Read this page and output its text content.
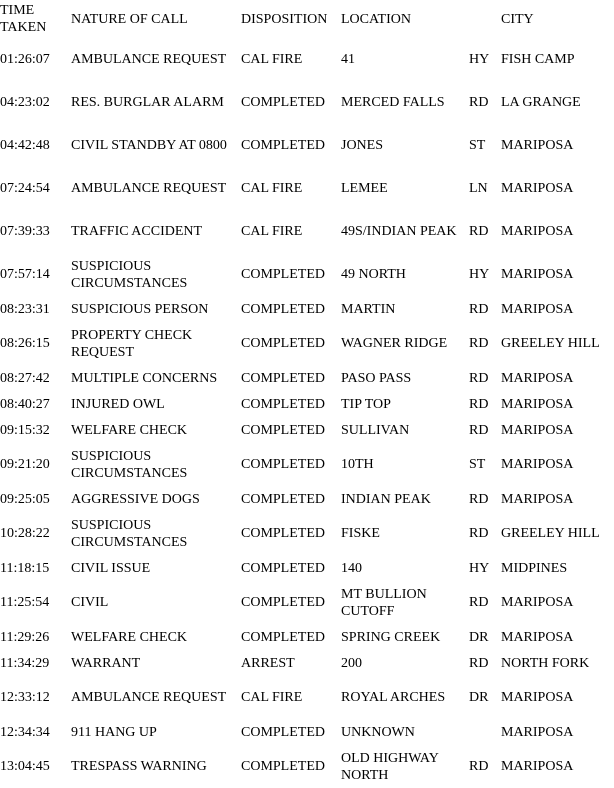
TIME
TAKEN	NATURE OF CALL	DISPOSITION	LOCATION		CITY
01:26:07	AMBULANCE REQUEST	CAL FIRE	41	HY	FISH CAMP
04:23:02	RES. BURGLAR ALARM	COMPLETED	MERCED FALLS	RD	LA GRANGE
04:42:48	CIVIL STANDBY AT 0800	COMPLETED	JONES	ST	MARIPOSA
07:24:54	AMBULANCE REQUEST	CAL FIRE	LEMEE	LN	MARIPOSA
07:39:33	TRAFFIC ACCIDENT	CAL FIRE	49S/INDIAN PEAK	RD	MARIPOSA
07:57:14	SUSPICIOUS CIRCUMSTANCES	COMPLETED	49 NORTH	HY	MARIPOSA
08:23:31	SUSPICIOUS PERSON	COMPLETED	MARTIN	RD	MARIPOSA
08:26:15	PROPERTY CHECK REQUEST	COMPLETED	WAGNER RIDGE	RD	GREELEY HILL
08:27:42	MULTIPLE CONCERNS	COMPLETED	PASO PASS	RD	MARIPOSA
08:40:27	INJURED OWL	COMPLETED	TIP TOP	RD	MARIPOSA
09:15:32	WELFARE CHECK	COMPLETED	SULLIVAN	RD	MARIPOSA
09:21:20	SUSPICIOUS CIRCUMSTANCES	COMPLETED	10TH	ST	MARIPOSA
09:25:05	AGGRESSIVE DOGS	COMPLETED	INDIAN PEAK	RD	MARIPOSA
10:28:22	SUSPICIOUS CIRCUMSTANCES	COMPLETED	FISKE	RD	GREELEY HILL
11:18:15	CIVIL ISSUE	COMPLETED	140	HY	MIDPINES
11:25:54	CIVIL	COMPLETED	MT BULLION CUTOFF	RD	MARIPOSA
11:29:26	WELFARE CHECK	COMPLETED	SPRING CREEK	DR	MARIPOSA
11:34:29	WARRANT	ARREST	200	RD	NORTH FORK
12:33:12	AMBULANCE REQUEST	CAL FIRE	ROYAL ARCHES	DR	MARIPOSA
12:34:34	911 HANG UP	COMPLETED	UNKNOWN		MARIPOSA
13:04:45	TRESPASS WARNING	COMPLETED	OLD HIGHWAY NORTH	RD	MARIPOSA
